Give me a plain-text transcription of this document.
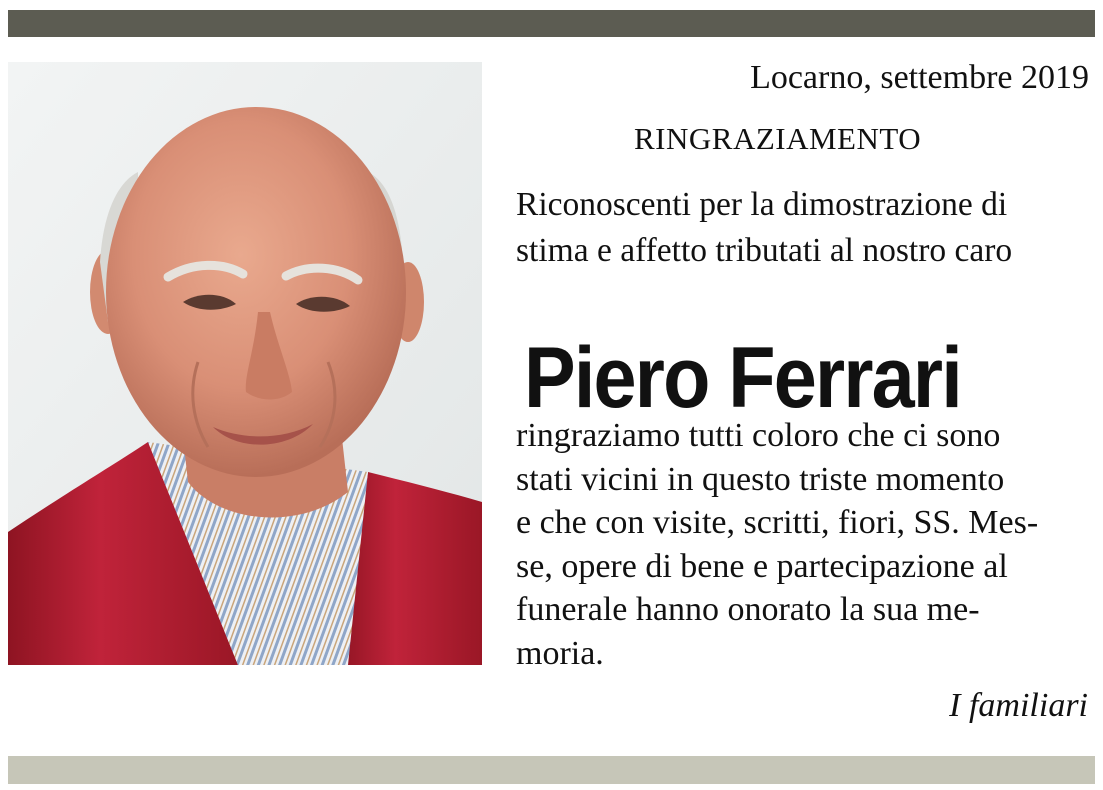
Locarno, settembre 2019
RINGRAZIAMENTO
Riconoscenti per la dimostrazione di
stima e affetto tributati al nostro caro
Piero Ferrari
ringraziamo tutti coloro che ci sono
stati vicini in questo triste momento
e che con visite, scritti, fiori, SS. Mes-
se, opere di bene e partecipazione al
funerale hanno onorato la sua me-
moria.
I familiari
